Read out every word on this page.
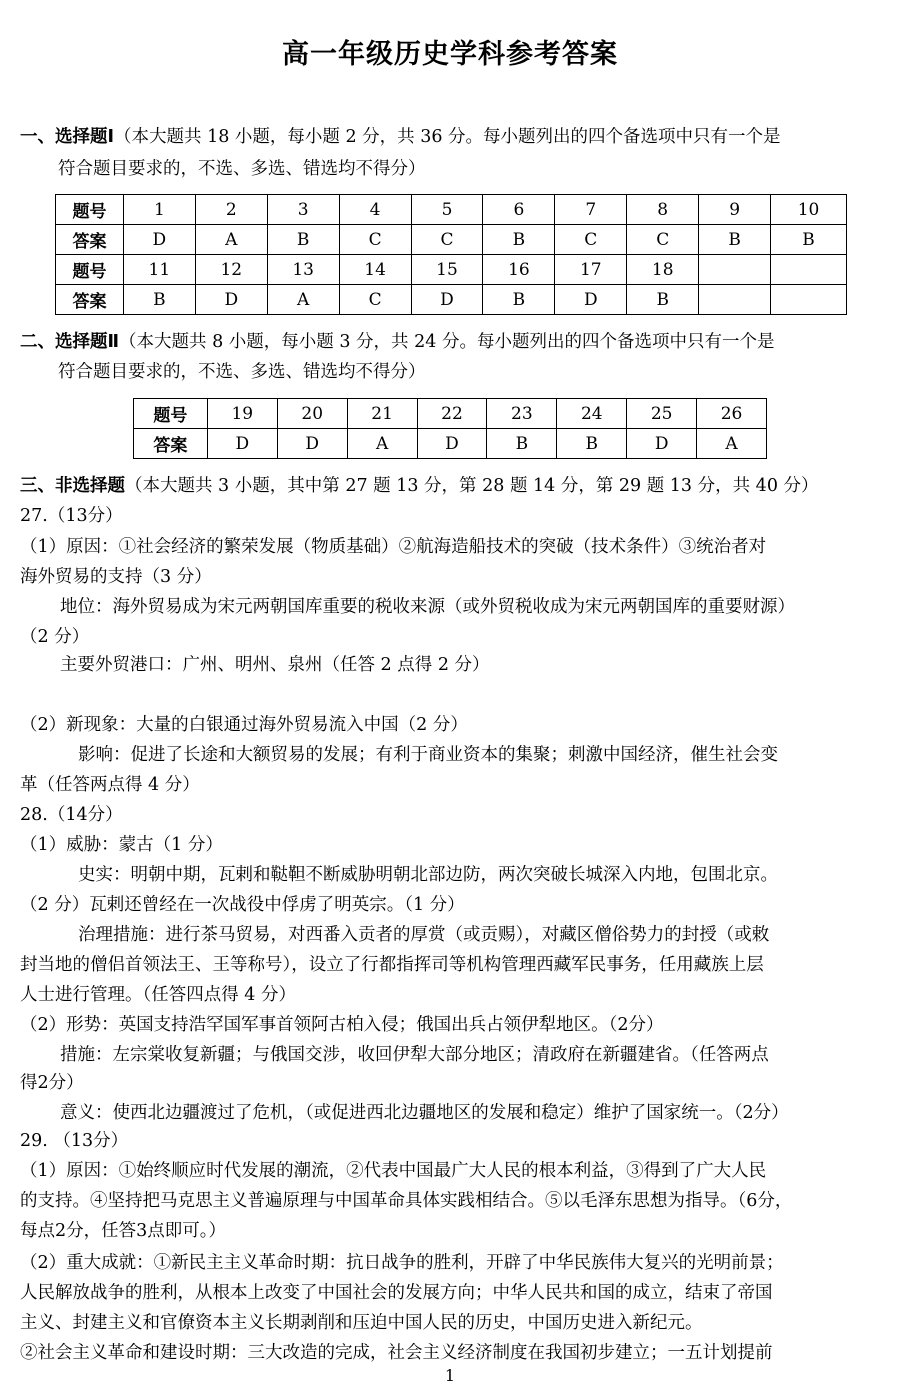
高一年级历史学科参考答案
一、选择题Ⅰ（本大题共 18 小题，每小题 2 分，共 36 分。每小题列出的四个备选项中只有一个是
符合题目要求的，不选、多选、错选均不得分）
题号	1	2	3	4	5	6	7	8	9	10
答案	D	A	B	C	C	B	C	C	B	B
题号	11	12	13	14	15	16	17	18		
答案	B	D	A	C	D	B	D	B		
二、选择题Ⅱ（本大题共 8 小题，每小题 3 分，共 24 分。每小题列出的四个备选项中只有一个是
符合题目要求的，不选、多选、错选均不得分）
题号	19	20	21	22	23	24	25	26
答案	D	D	A	D	B	B	D	A
三、非选择题（本大题共 3 小题，其中第 27 题 13 分，第 28 题 14 分，第 29 题 13 分，共 40 分）
27.（13分）
（1）原因：①社会经济的繁荣发展（物质基础）②航海造船技术的突破（技术条件）③统治者对
海外贸易的支持（3 分）
地位：海外贸易成为宋元两朝国库重要的税收来源（或外贸税收成为宋元两朝国库的重要财源）
（2 分）
主要外贸港口：广州、明州、泉州（任答 2 点得 2 分）
（2）新现象：大量的白银通过海外贸易流入中国（2 分）
影响：促进了长途和大额贸易的发展；有利于商业资本的集聚；刺激中国经济，催生社会变
革（任答两点得 4 分）
28.（14分）
（1）威胁：蒙古（1 分）
史实：明朝中期，瓦剌和鞑靼不断威胁明朝北部边防，两次突破长城深入内地，包围北京。
（2 分）瓦剌还曾经在一次战役中俘虏了明英宗。（1 分）
治理措施：进行茶马贸易，对西番入贡者的厚赏（或贡赐），对藏区僧俗势力的封授（或敕
封当地的僧侣首领法王、王等称号），设立了行都指挥司等机构管理西藏军民事务，任用藏族上层
人士进行管理。（任答四点得 4 分）
（2）形势：英国支持浩罕国军事首领阿古柏入侵；俄国出兵占领伊犁地区。（2分）
措施：左宗棠收复新疆；与俄国交涉，收回伊犁大部分地区；清政府在新疆建省。（任答两点
得2分）
意义：使西北边疆渡过了危机，（或促进西北边疆地区的发展和稳定）维护了国家统一。（2分）
29. （13分）
（1）原因：①始终顺应时代发展的潮流，②代表中国最广大人民的根本利益，③得到了广大人民
的支持。④坚持把马克思主义普遍原理与中国革命具体实践相结合。⑤以毛泽东思想为指导。（6分，
每点2分，任答3点即可。）
（2）重大成就：①新民主主义革命时期：抗日战争的胜利，开辟了中华民族伟大复兴的光明前景；
人民解放战争的胜利，从根本上改变了中国社会的发展方向；中华人民共和国的成立，结束了帝国
主义、封建主义和官僚资本主义长期剥削和压迫中国人民的历史，中国历史进入新纪元。
②社会主义革命和建设时期：三大改造的完成，社会主义经济制度在我国初步建立；一五计划提前
1
